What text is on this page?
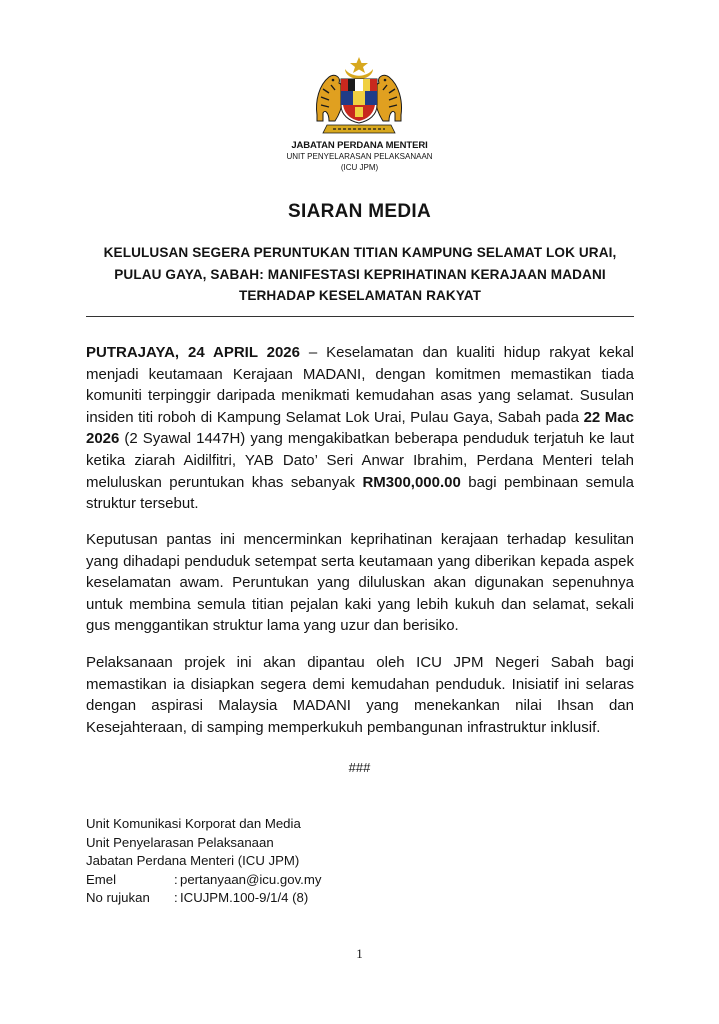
JABATAN PERDANA MENTERI
UNIT PENYELARASAN PELAKSANAAN
(ICU JPM)
SIARAN MEDIA
KELULUSAN SEGERA PERUNTUKAN TITIAN KAMPUNG SELAMAT LOK URAI, PULAU GAYA, SABAH: MANIFESTASI KEPRIHATINAN KERAJAAN MADANI TERHADAP KESELAMATAN RAKYAT
PUTRAJAYA, 24 APRIL 2026 – Keselamatan dan kualiti hidup rakyat kekal menjadi keutamaan Kerajaan MADANI, dengan komitmen memastikan tiada komuniti terpinggir daripada menikmati kemudahan asas yang selamat. Susulan insiden titi roboh di Kampung Selamat Lok Urai, Pulau Gaya, Sabah pada 22 Mac 2026 (2 Syawal 1447H) yang mengakibatkan beberapa penduduk terjatuh ke laut ketika ziarah Aidilfitri, YAB Dato’ Seri Anwar Ibrahim, Perdana Menteri telah meluluskan peruntukan khas sebanyak RM300,000.00 bagi pembinaan semula struktur tersebut.
Keputusan pantas ini mencerminkan keprihatinan kerajaan terhadap kesulitan yang dihadapi penduduk setempat serta keutamaan yang diberikan kepada aspek keselamatan awam. Peruntukan yang diluluskan akan digunakan sepenuhnya untuk membina semula titian pejalan kaki yang lebih kukuh dan selamat, sekali gus menggantikan struktur lama yang uzur dan berisiko.
Pelaksanaan projek ini akan dipantau oleh ICU JPM Negeri Sabah bagi memastikan ia disiapkan segera demi kemudahan penduduk. Inisiatif ini selaras dengan aspirasi Malaysia MADANI yang menekankan nilai Ihsan dan Kesejahteraan, di samping memperkukuh pembangunan infrastruktur inklusif.
###
Unit Komunikasi Korporat dan Media
Unit Penyelarasan Pelaksanaan
Jabatan Perdana Menteri (ICU JPM)
Emel	: pertanyaan@icu.gov.my
No rujukan	: ICUJPM.100-9/1/4 (8)
1
